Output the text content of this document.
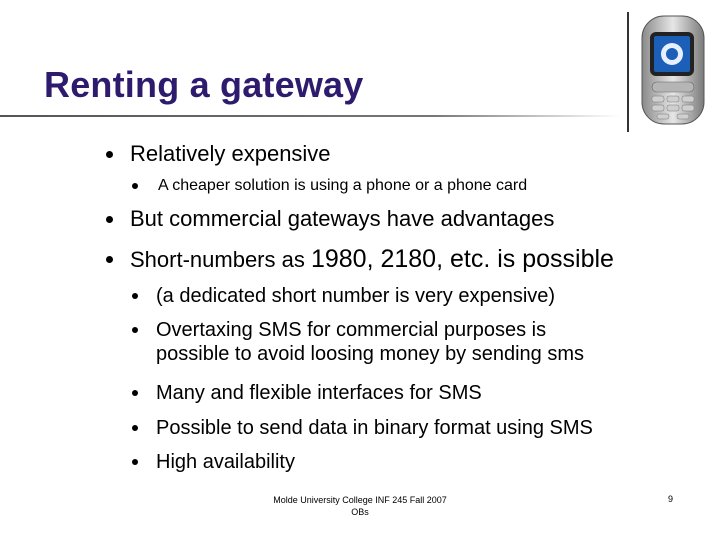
Renting a gateway
Relatively expensive
A cheaper solution is using a phone or a phone card
But commercial gateways have advantages
Short-numbers as 1980, 2180, etc. is possible
(a dedicated short number is very expensive)
Overtaxing SMS for commercial purposes is
possible to avoid loosing money by sending sms
Many and flexible interfaces for SMS
Possible to send data in binary format using SMS
High availability
Molde University College INF 245 Fall 2007
OBs
9
